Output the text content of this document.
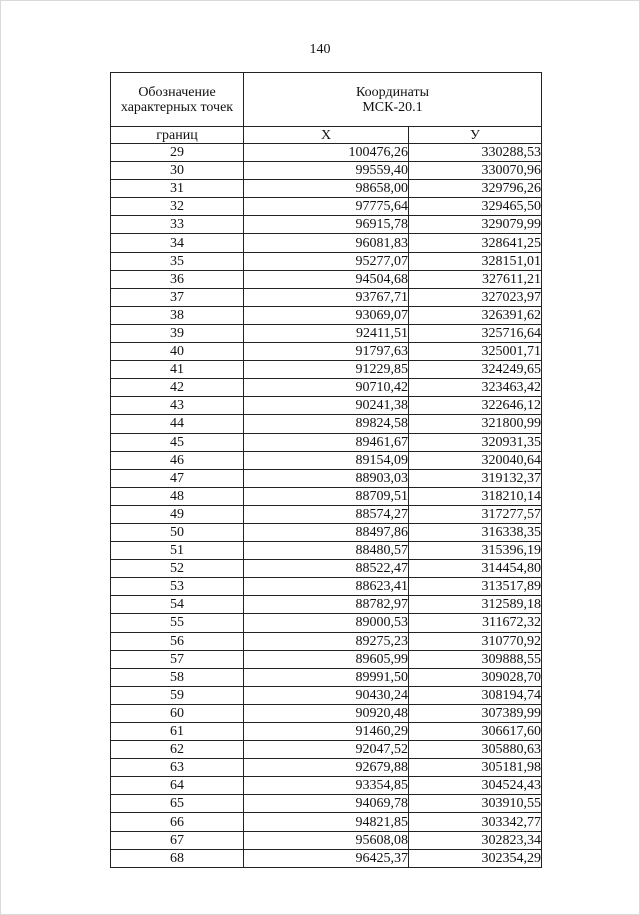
140
Обозначение
характерных точек	Координаты
МСК-20.1	

границ	X	У
29	100476,26	330288,53
30	99559,40	330070,96
31	98658,00	329796,26
32	97775,64	329465,50
33	96915,78	329079,99
34	96081,83	328641,25
35	95277,07	328151,01
36	94504,68	327611,21
37	93767,71	327023,97
38	93069,07	326391,62
39	92411,51	325716,64
40	91797,63	325001,71
41	91229,85	324249,65
42	90710,42	323463,42
43	90241,38	322646,12
44	89824,58	321800,99
45	89461,67	320931,35
46	89154,09	320040,64
47	88903,03	319132,37
48	88709,51	318210,14
49	88574,27	317277,57
50	88497,86	316338,35
51	88480,57	315396,19
52	88522,47	314454,80
53	88623,41	313517,89
54	88782,97	312589,18
55	89000,53	311672,32
56	89275,23	310770,92
57	89605,99	309888,55
58	89991,50	309028,70
59	90430,24	308194,74
60	90920,48	307389,99
61	91460,29	306617,60
62	92047,52	305880,63
63	92679,88	305181,98
64	93354,85	304524,43
65	94069,78	303910,55
66	94821,85	303342,77
67	95608,08	302823,34
68	96425,37	302354,29
